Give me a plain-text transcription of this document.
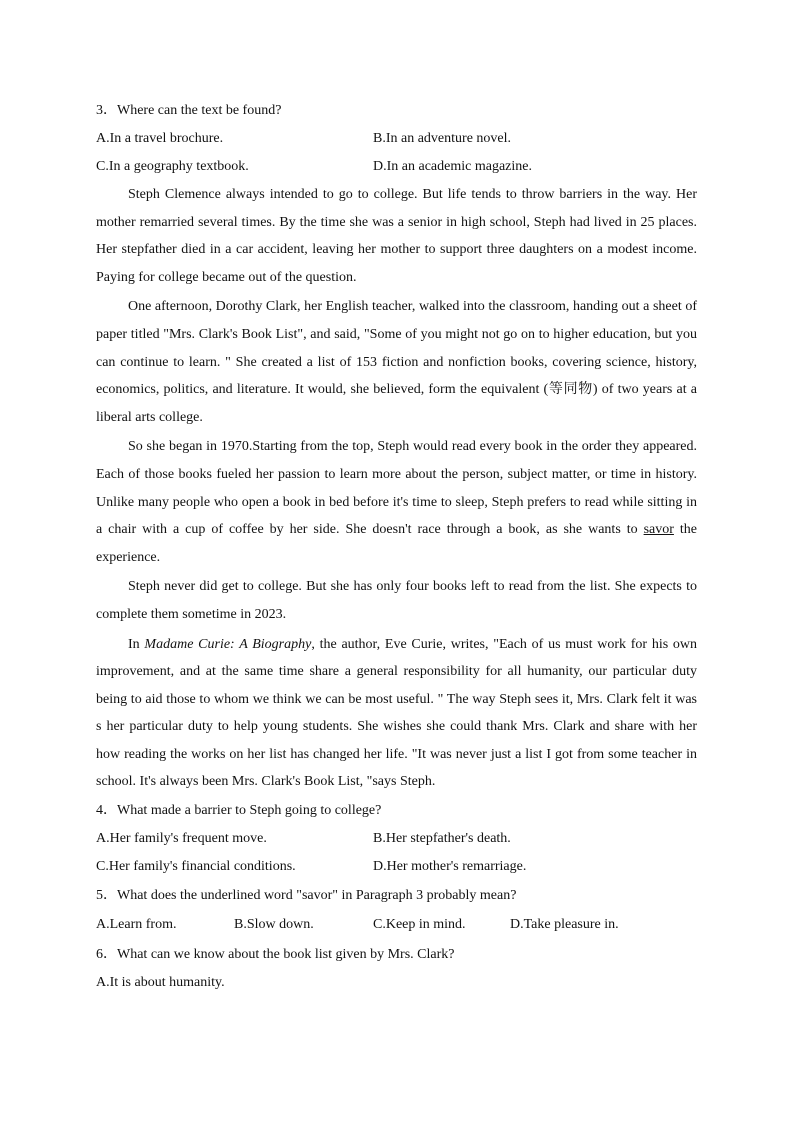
3．Where can the text be found?

A.In a travel brochure.	B.In an adventure novel.
C.In a geography textbook.	D.In an academic magazine.

Steph Clemence always intended to go to college. But life tends to throw barriers in the way. Her mother remarried several times. By the time she was a senior in high school, Steph had lived in 25 places. Her stepfather died in a car accident, leaving her mother to support three daughters on a modest income. Paying for college became out of the question.

One afternoon, Dorothy Clark, her English teacher, walked into the classroom, handing out a sheet of paper titled "Mrs. Clark's Book List", and said, "Some of you might not go on to higher education, but you can continue to learn. " She created a list of 153 fiction and nonfiction books, covering science, history, economics, politics, and literature. It would, she believed, form the equivalent (等同物) of two years at a liberal arts college.

So she began in 1970.Starting from the top, Steph would read every book in the order they appeared. Each of those books fueled her passion to learn more about the person, subject matter, or time in history. Unlike many people who open a book in bed before it's time to sleep, Steph prefers to read while sitting in a chair with a cup of coffee by her side. She doesn't race through a book, as she wants to savor the experience.

Steph never did get to college. But she has only four books left to read from the list. She expects to complete them sometime in 2023.

In Madame Curie: A Biography, the author, Eve Curie, writes, "Each of us must work for his own improvement, and at the same time share a general responsibility for all humanity, our particular duty being to aid those to whom we think we can be most useful. " The way Steph sees it, Mrs. Clark felt it was s her particular duty to help young students. She wishes she could thank Mrs. Clark and share with her how reading the works on her list has changed her life. "It was never just a list I got from some teacher in school. It's always been Mrs. Clark's Book List, "says Steph.

4．What made a barrier to Steph going to college?

A.Her family's frequent move.	B.Her stepfather's death.
C.Her family's financial conditions.	D.Her mother's remarriage.

5．What does the underlined word "savor" in Paragraph 3 probably mean?

A.Learn from.	B.Slow down.	C.Keep in mind.	D.Take pleasure in.

6．What can we know about the book list given by Mrs. Clark?

A.It is about humanity.
